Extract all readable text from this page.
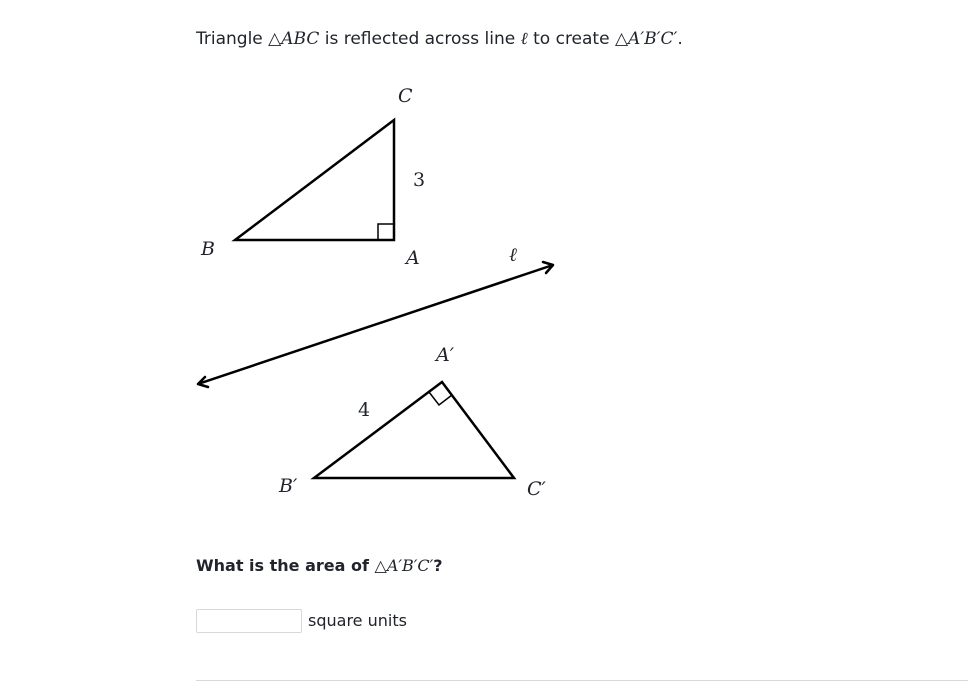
Triangle △ABC is reflected across line ℓ to create △A′B′C′.
C
B	A
3
ℓ
A′
4
B′	C′
What is the area of △A′B′C′?
square units
